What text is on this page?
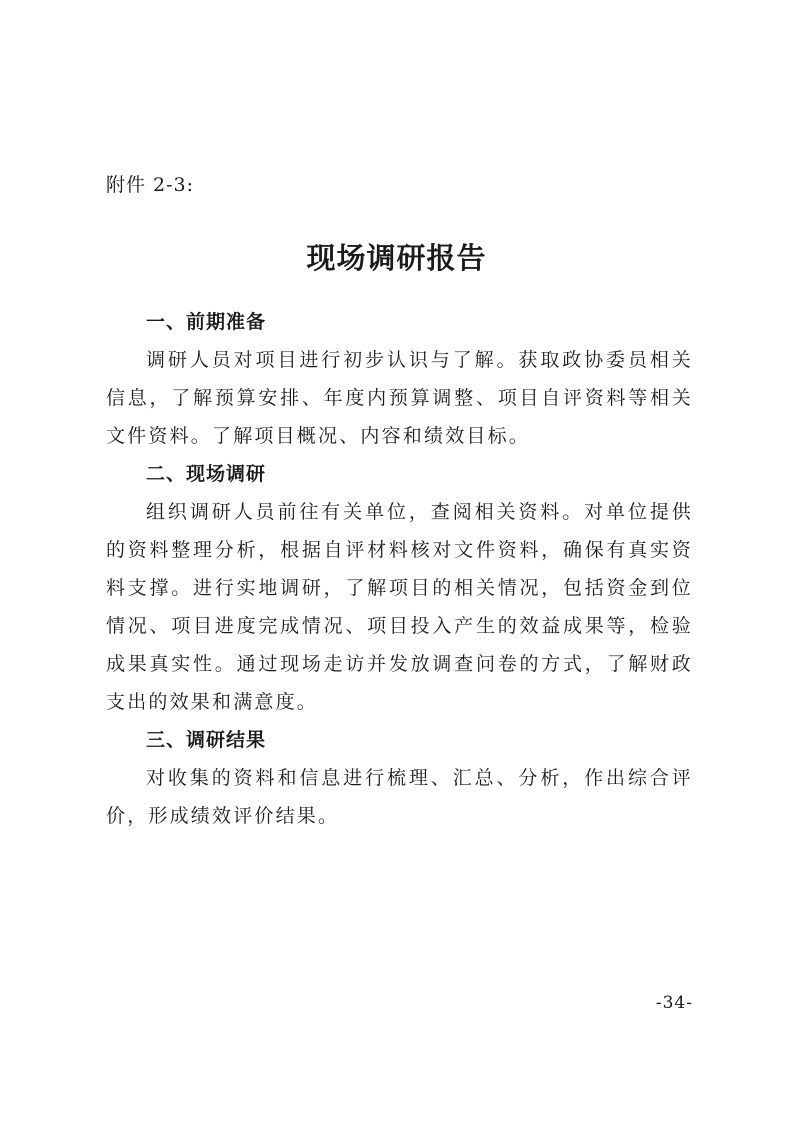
附件 2-3:
现场调研报告

一、前期准备

调研人员对项目进行初步认识与了解。获取政协委员相关信息，了解预算安排、年度内预算调整、项目自评资料等相关文件资料。了解项目概况、内容和绩效目标。

二、现场调研

组织调研人员前往有关单位，查阅相关资料。对单位提供的资料整理分析，根据自评材料核对文件资料，确保有真实资料支撑。进行实地调研，了解项目的相关情况，包括资金到位情况、项目进度完成情况、项目投入产生的效益成果等，检验成果真实性。通过现场走访并发放调查问卷的方式，了解财政支出的效果和满意度。

三、调研结果

对收集的资料和信息进行梳理、汇总、分析，作出综合评价，形成绩效评价结果。

-34-
